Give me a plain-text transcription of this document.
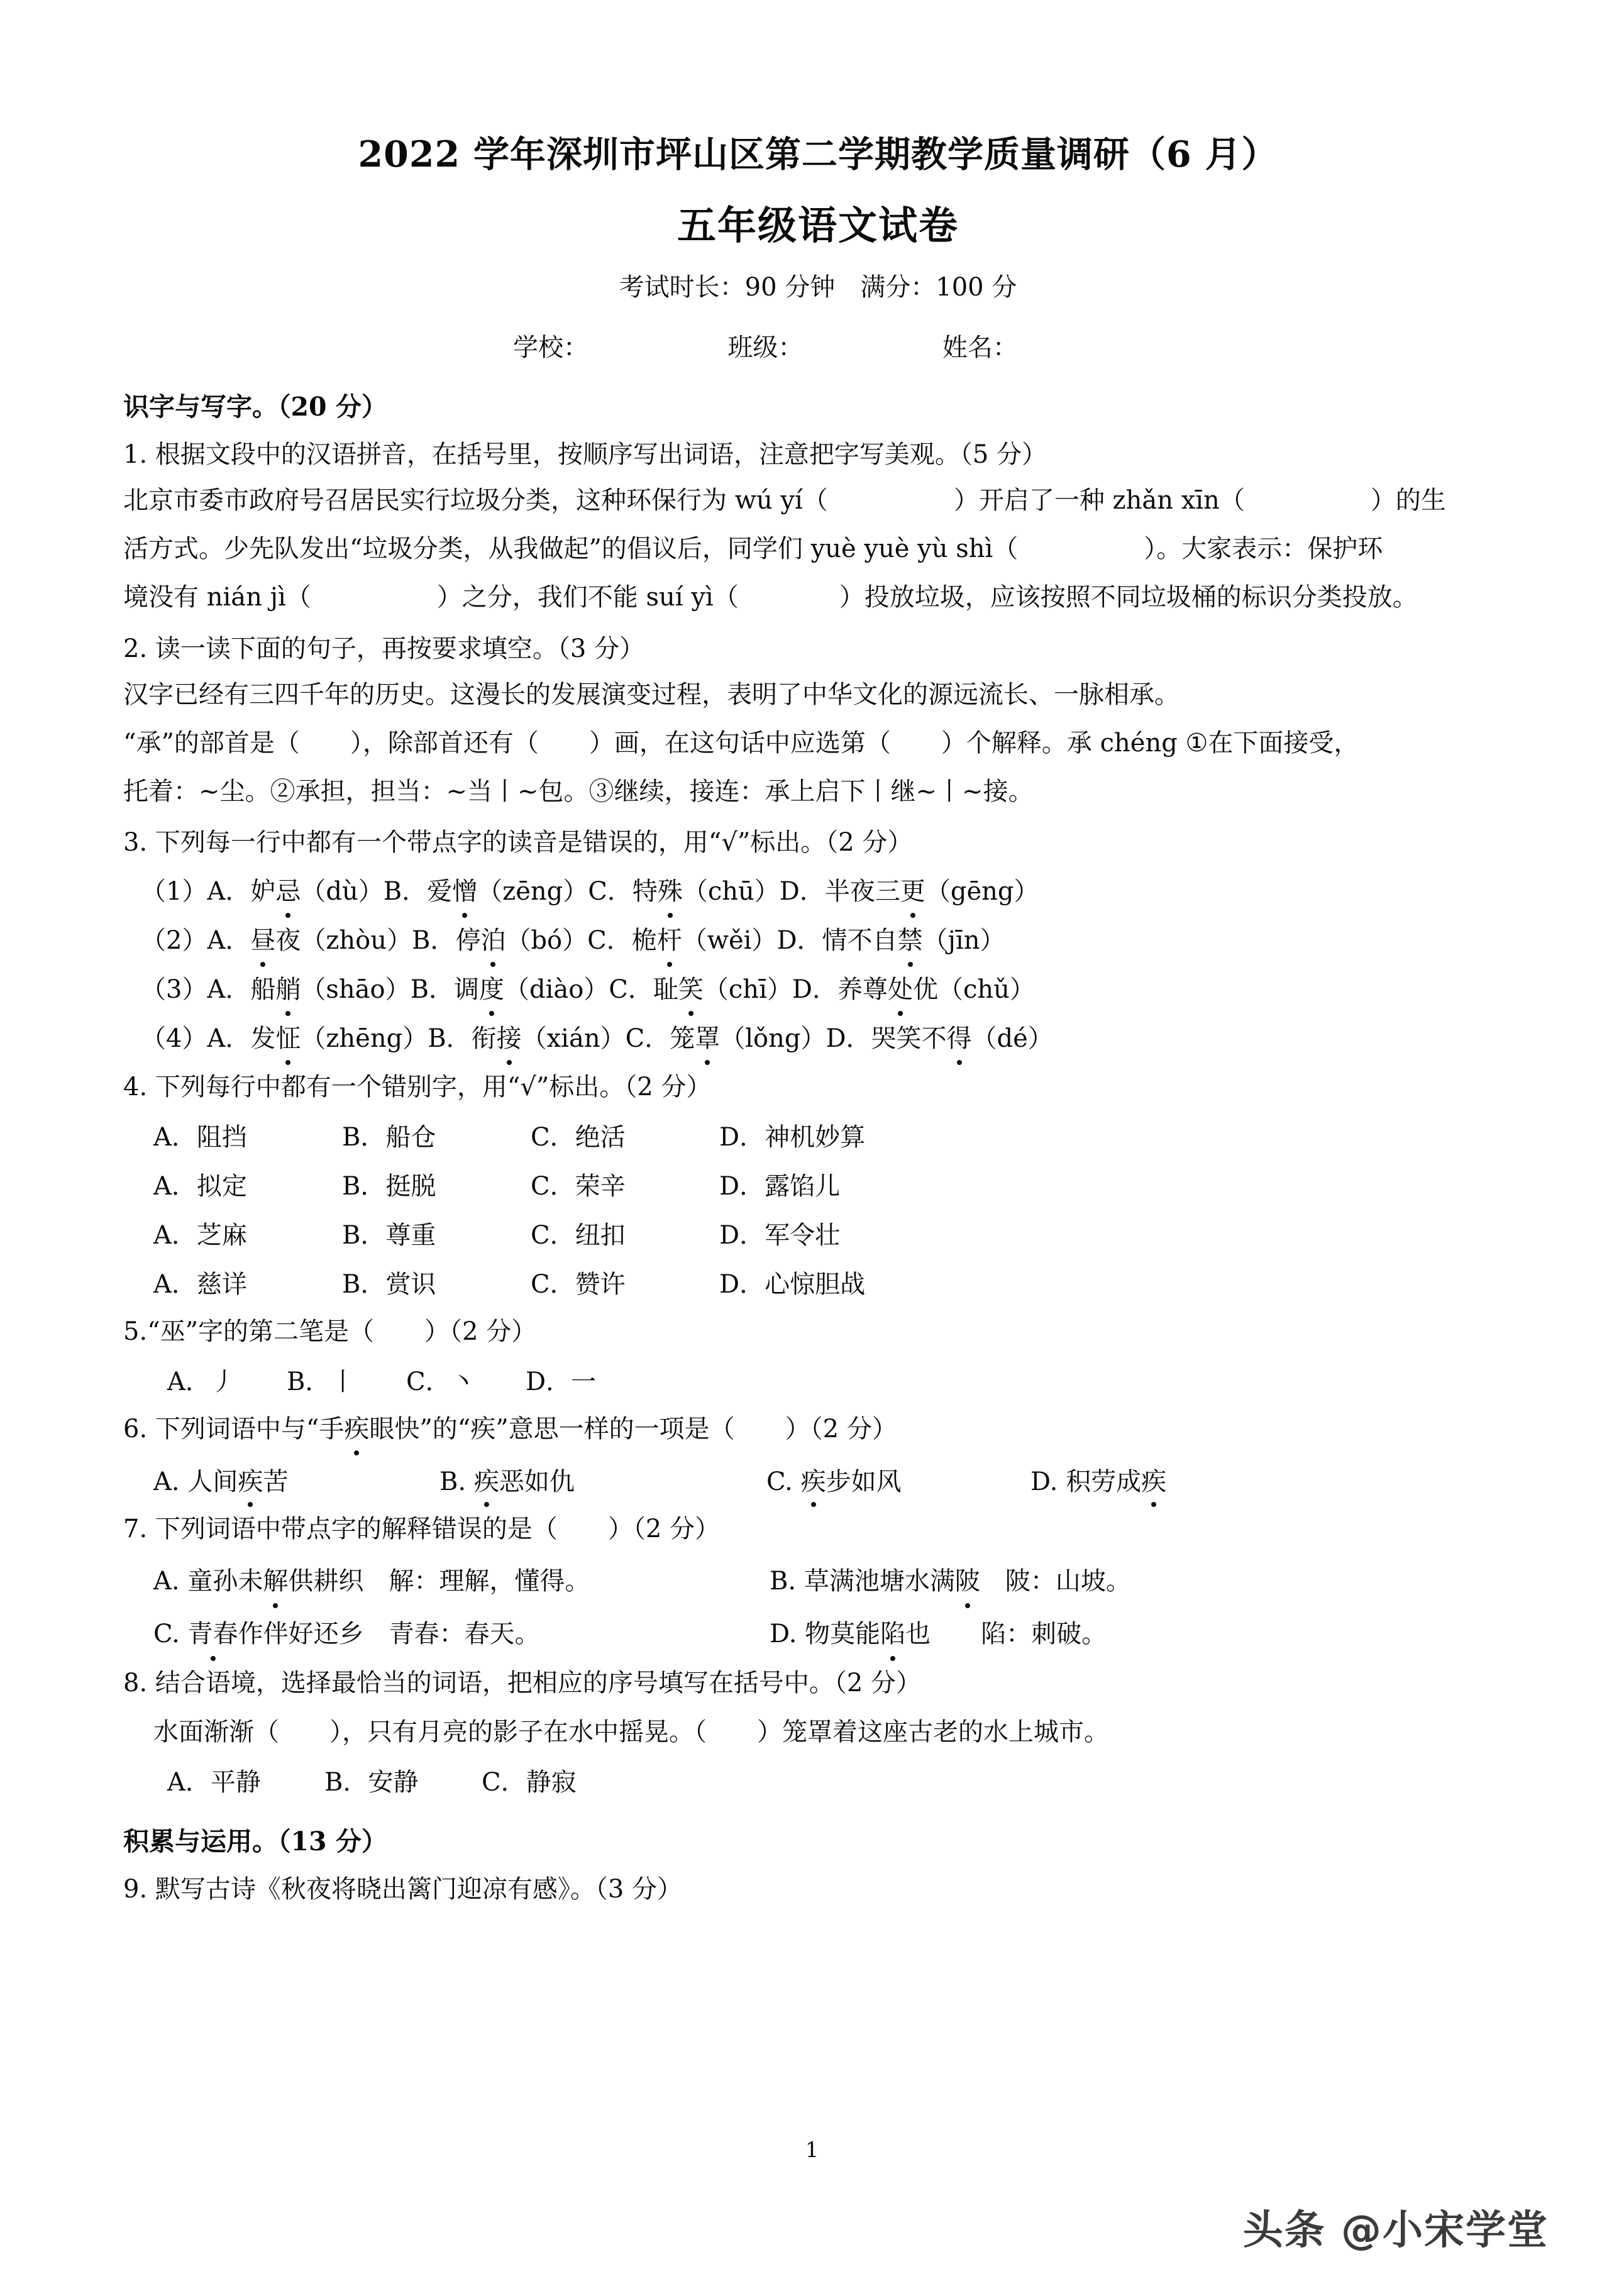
2022 学年深圳市坪山区第二学期教学质量调研（6 月）
五年级语文试卷
考试时长：90 分钟　满分：100 分
学校：	班级：	姓名：
识字与写字。（20 分）
1. 根据文段中的汉语拼音，在括号里，按顺序写出词语，注意把字写美观。（5 分）
北京市委市政府号召居民实行垃圾分类，这种环保行为 wú yí（　　　　　）开启了一种 zhǎn xīn（　　　　　）的生
活方式。少先队发出“垃圾分类，从我做起”的倡议后，同学们 yuè yuè yù shì（　　　　　）。大家表示：保护环
境没有 nián jì（　　　　　）之分，我们不能 suí yì（　　　　）投放垃圾，应该按照不同垃圾桶的标识分类投放。
2. 读一读下面的句子，再按要求填空。（3 分）
汉字已经有三四千年的历史。这漫长的发展演变过程，表明了中华文化的源远流长、一脉相承。
“承”的部首是（　　），除部首还有（　　）画，在这句话中应选第（　　）个解释。承 chéng ①在下面接受，
托着：~尘。②承担，担当：~当丨~包。③继续，接连：承上启下丨继~丨~接。
3. 下列每一行中都有一个带点字的读音是错误的，用“√”标出。（2 分）
（1）A．妒忌（dù）B．爱憎（zēng）C．特殊（chū）D．半夜三更（gēng）
（2）A．昼夜（zhòu）B．停泊（bó）C．桅杆（wěi）D．情不自禁（jīn）
（3）A．船艄（shāo）B．调度（diào）C．耻笑（chī）D．养尊处优（chǔ）
（4）A．发怔（zhēng）B．衔接（xián）C．笼罩（lǒng）D．哭笑不得（dé）
4. 下列每行中都有一个错别字，用“√”标出。（2 分）
A．阻挡	B．船仓	C．绝活	D．神机妙算
A．拟定	B．挺脱	C．荣辛	D．露馅儿
A．芝麻	B．尊重	C．纽扣	D．军令壮
A．慈详	B．赏识	C．赞许	D．心惊胆战
5.“巫”字的第二笔是（　　）（2 分）
A．丿	B．丨	C．丶	D．一
6. 下列词语中与“手疾眼快”的“疾”意思一样的一项是（　　）（2 分）
A. 人间疾苦	B. 疾恶如仇	C. 疾步如风	D. 积劳成疾
7. 下列词语中带点字的解释错误的是（　　）（2 分）
A. 童孙未解供耕织　解：理解，懂得。	B. 草满池塘水满陂　陂：山坡。
C. 青春作伴好还乡　青春：春天。	D. 物莫能陷也　　陷：刺破。
8. 结合语境，选择最恰当的词语，把相应的序号填写在括号中。（2 分）
水面渐渐（　　），只有月亮的影子在水中摇晃。（　　）笼罩着这座古老的水上城市。
A．平静	B．安静	C．静寂
积累与运用。（13 分）
9. 默写古诗《秋夜将晓出篱门迎凉有感》。（3 分）
1
头条 @小宋学堂
